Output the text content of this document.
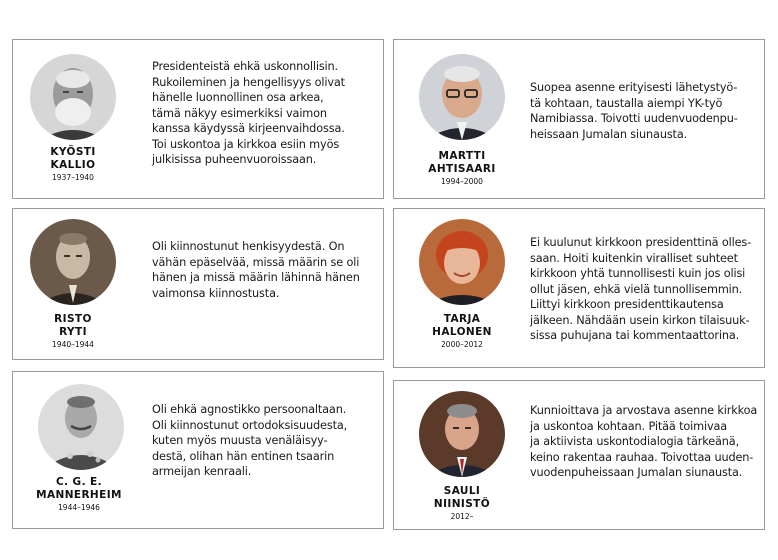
KYÖSTI
KALLIO
1937–1940
Presidenteistä ehkä uskonnollisin.
Rukoileminen ja hengellisyys olivat
hänelle luonnollinen osa arkea,
tämä näkyy esimerkiksi vaimon
kanssa käydyssä kirjeenvaihdossa.
Toi uskontoa ja kirkkoa esiin myös
julkisissa puheenvuoroissaan.	MARTTI
AHTISAARI
1994–2000
Suopea asenne erityisesti lähetystyö-
tä kohtaan, taustalla aiempi YK-työ
Namibiassa. Toivotti uudenvuodenpu-
heissaan Jumalan siunausta.
RISTO
RYTI
1940–1944
Oli kiinnostunut henkisyydestä. On
vähän epäselvää, missä määrin se oli
hänen ja missä määrin lähinnä hänen
vaimonsa kiinnostusta.
TARJA
HALONEN
2000–2012
Ei kuulunut kirkkoon presidenttinä olles-
saan. Hoiti kuitenkin viralliset suhteet
kirkkoon yhtä tunnollisesti kuin jos olisi
ollut jäsen, ehkä vielä tunnollisemmin.
Liittyi kirkkoon presidenttikautensa
jälkeen. Nähdään usein kirkon tilaisuuk-
sissa puhujana tai kommentaattorina.
C. G. E.
MANNERHEIM
1944–1946
Oli ehkä agnostikko persoonaltaan.
Oli kiinnostunut ortodoksisuudesta,
kuten myös muusta venäläisyy-
destä, olihan hän entinen tsaarin
armeijan kenraali.
SAULI
NIINISTÖ
2012–
Kunnioittava ja arvostava asenne kirkkoa
ja uskontoa kohtaan. Pitää toimivaa
ja aktiivista uskontodialogia tärkeänä,
keino rakentaa rauhaa. Toivottaa uuden-
vuodenpuheissaan Jumalan siunausta.
